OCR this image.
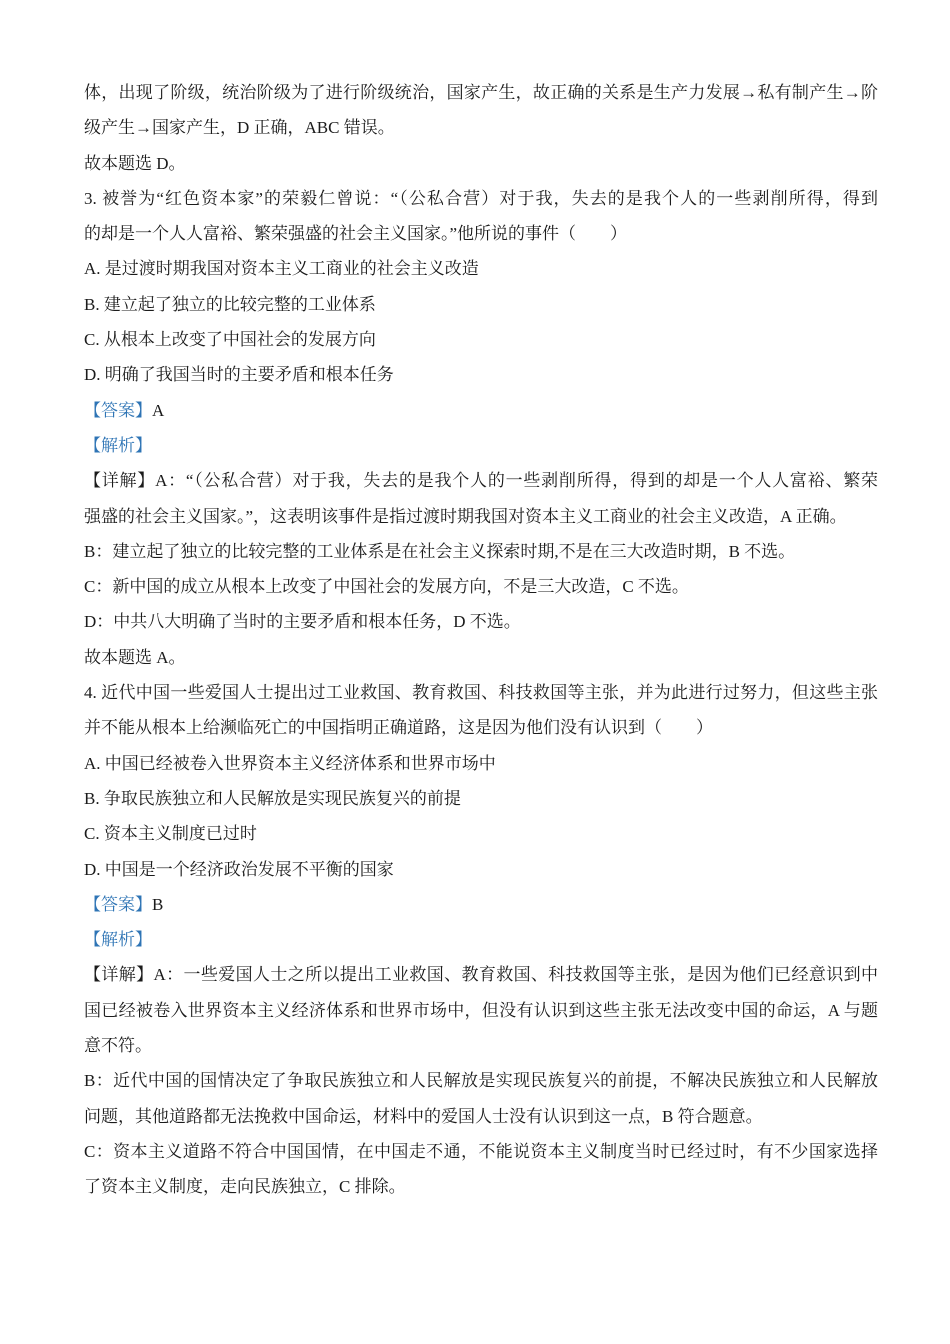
体，出现了阶级，统治阶级为了进行阶级统治，国家产生，故正确的关系是生产力发展→私有制产生→阶
级产生→国家产生，D 正确，ABC 错误。
故本题选 D。
3. 被誉为“红色资本家”的荣毅仁曾说：“（公私合营）对于我，失去的是我个人的一些剥削所得，得到
的却是一个人人富裕、繁荣强盛的社会主义国家。”他所说的事件（　　）
A. 是过渡时期我国对资本主义工商业的社会主义改造
B. 建立起了独立的比较完整的工业体系
C. 从根本上改变了中国社会的发展方向
D. 明确了我国当时的主要矛盾和根本任务
【答案】A
【解析】
【详解】A：“（公私合营）对于我，失去的是我个人的一些剥削所得，得到的却是一个人人富裕、繁荣
强盛的社会主义国家。”，这表明该事件是指过渡时期我国对资本主义工商业的社会主义改造，A 正确。
B：建立起了独立的比较完整的工业体系是在社会主义探索时期,不是在三大改造时期，B 不选。
C：新中国的成立从根本上改变了中国社会的发展方向，不是三大改造，C 不选。
D：中共八大明确了当时的主要矛盾和根本任务，D 不选。
故本题选 A。
4. 近代中国一些爱国人士提出过工业救国、教育救国、科技救国等主张，并为此进行过努力，但这些主张
并不能从根本上给濒临死亡的中国指明正确道路，这是因为他们没有认识到（　　）
A. 中国已经被卷入世界资本主义经济体系和世界市场中
B. 争取民族独立和人民解放是实现民族复兴的前提
C. 资本主义制度已过时
D. 中国是一个经济政治发展不平衡的国家
【答案】B
【解析】
【详解】A：一些爱国人士之所以提出工业救国、教育救国、科技救国等主张，是因为他们已经意识到中
国已经被卷入世界资本主义经济体系和世界市场中，但没有认识到这些主张无法改变中国的命运，A 与题
意不符。
B：近代中国的国情决定了争取民族独立和人民解放是实现民族复兴的前提，不解决民族独立和人民解放
问题，其他道路都无法挽救中国命运，材料中的爱国人士没有认识到这一点，B 符合题意。
C：资本主义道路不符合中国国情，在中国走不通，不能说资本主义制度当时已经过时，有不少国家选择
了资本主义制度，走向民族独立，C 排除。
